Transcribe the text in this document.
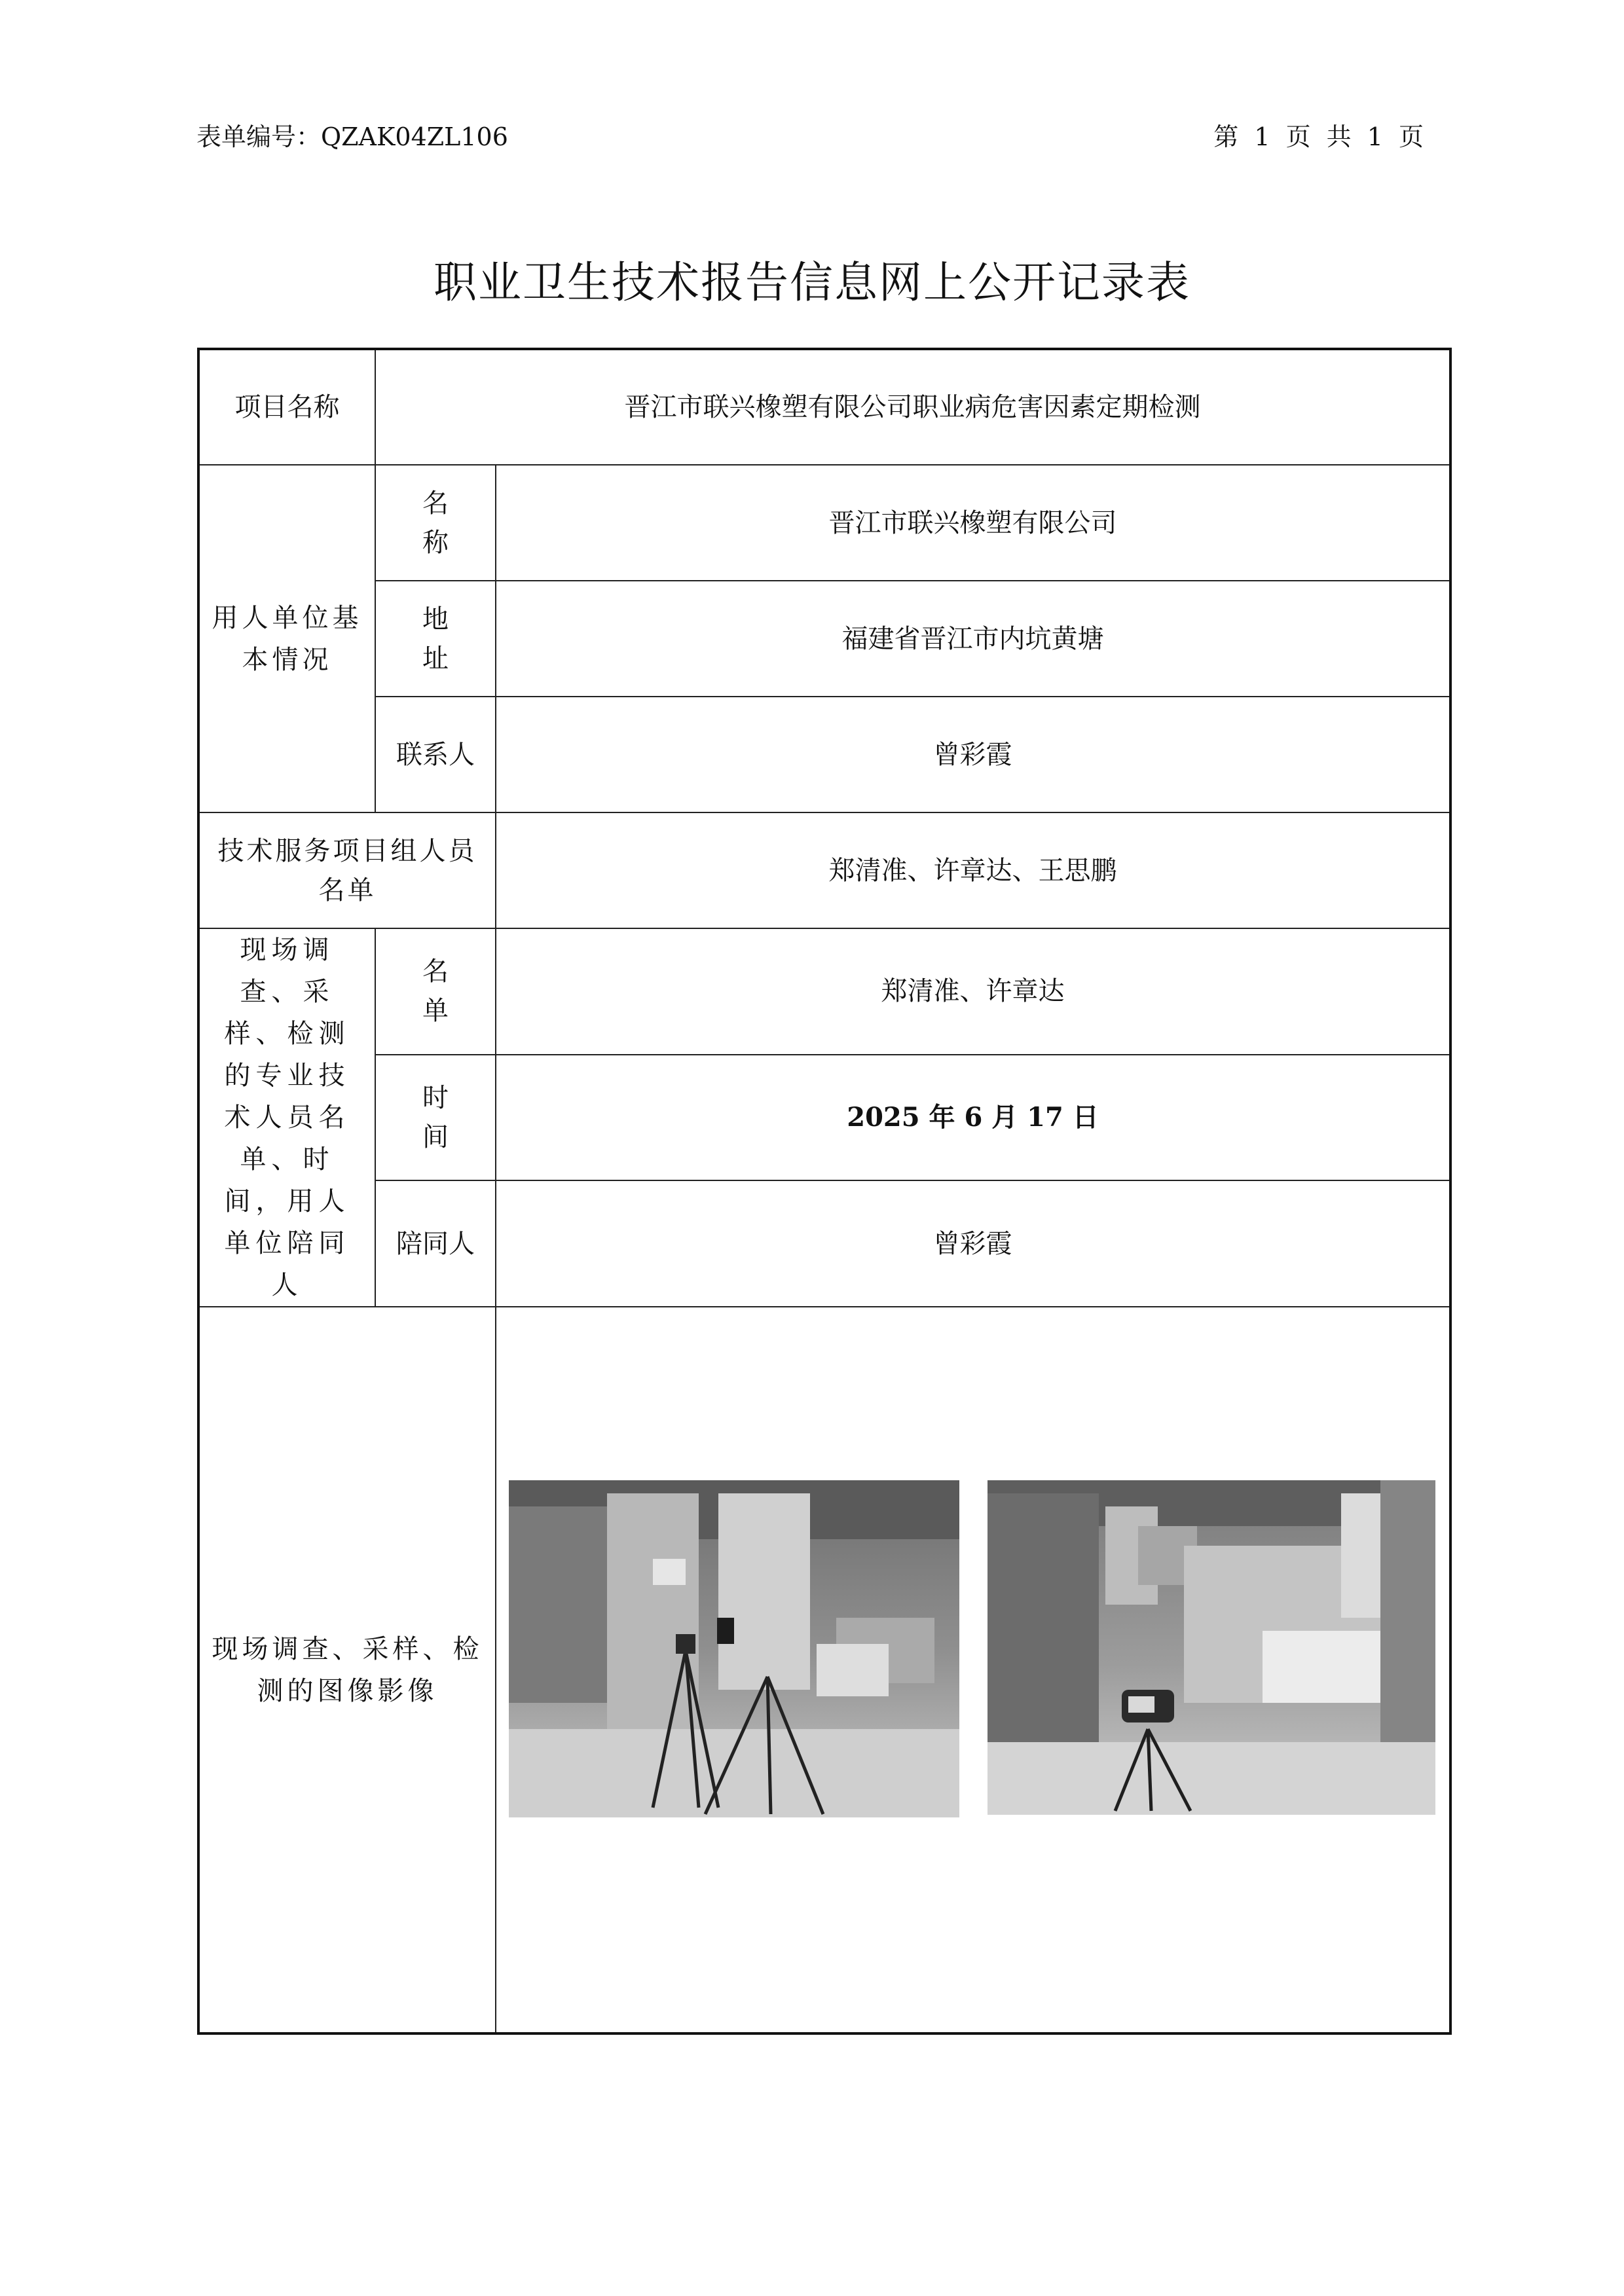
表单编号：QZAK04ZL106	第 1 页 共 1 页
职业卫生技术报告信息网上公开记录表
项目名称	晋江市联兴橡塑有限公司职业病危害因素定期检测	
用人单位基本情况	名称	晋江市联兴橡塑有限公司
	地址	福建省晋江市内坑黄塘
	联系人	曾彩霞
技术服务项目组人员名单		郑清准、许章达、王思鹏
现场调查、采样、检测的专业技术人员名单、时间，用人单位陪同人	名单	郑清准、许章达
	时间	2025 年 6 月 17 日
	陪同人	曾彩霞
现场调查、采样、检测的图像影像	
